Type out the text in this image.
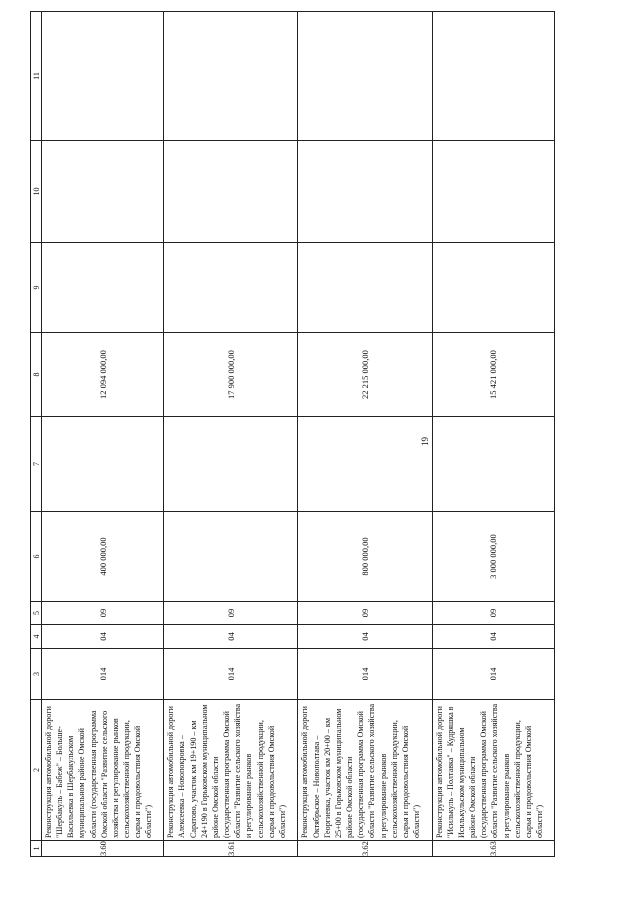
19
1	2	3	4	5	6	7	8	9	10	11
3.60	Реконструкция автомобильной дороги "Шербакуль – Бабеж" – Больше-Васильевка в Шербакульском муниципальном районе Омской области (государственная программа Омской области "Развитие сельского хозяйства и регулирование рынков сельскохозяйственной продукции, сырья и продовольствия Омской области")	014	04	09	400 000,00		12 094 000,00			
3.61	Реконструкция автомобильной дороги Алексеевка – Новопокровка – Саратово, участок км 19+190 – км 24+190 в Горьковском муниципальном районе Омской области (государственная программа Омской области "Развитие сельского хозяйства и регулирование рынков сельскохозяйственной продукции, сырья и продовольствия Омской области")	014	04	09			17 900 000,00			
3.62	Реконструкция автомобильной дороги Октябрьское – Новополтава – Георгиевка, участок км 20+00 – км 25+00 в Горьковском муниципальном районе Омской области (государственная программа Омской области "Развитие сельского хозяйства и регулирование рынков сельскохозяйственной продукции, сырья и продовольствия Омской области")	014	04	09	800 000,00		22 215 000,00			
3.63	Реконструкция автомобильной дороги "Исилькуль – Полтавка" – Кудряшка в Исилькульском муниципальном районе Омской области (государственная программа Омской области "Развитие сельского хозяйства и регулирование рынков сельскохозяйственной продукции, сырья и продовольствия Омской области")	014	04	09	3 000 000,00		15 421 000,00			
